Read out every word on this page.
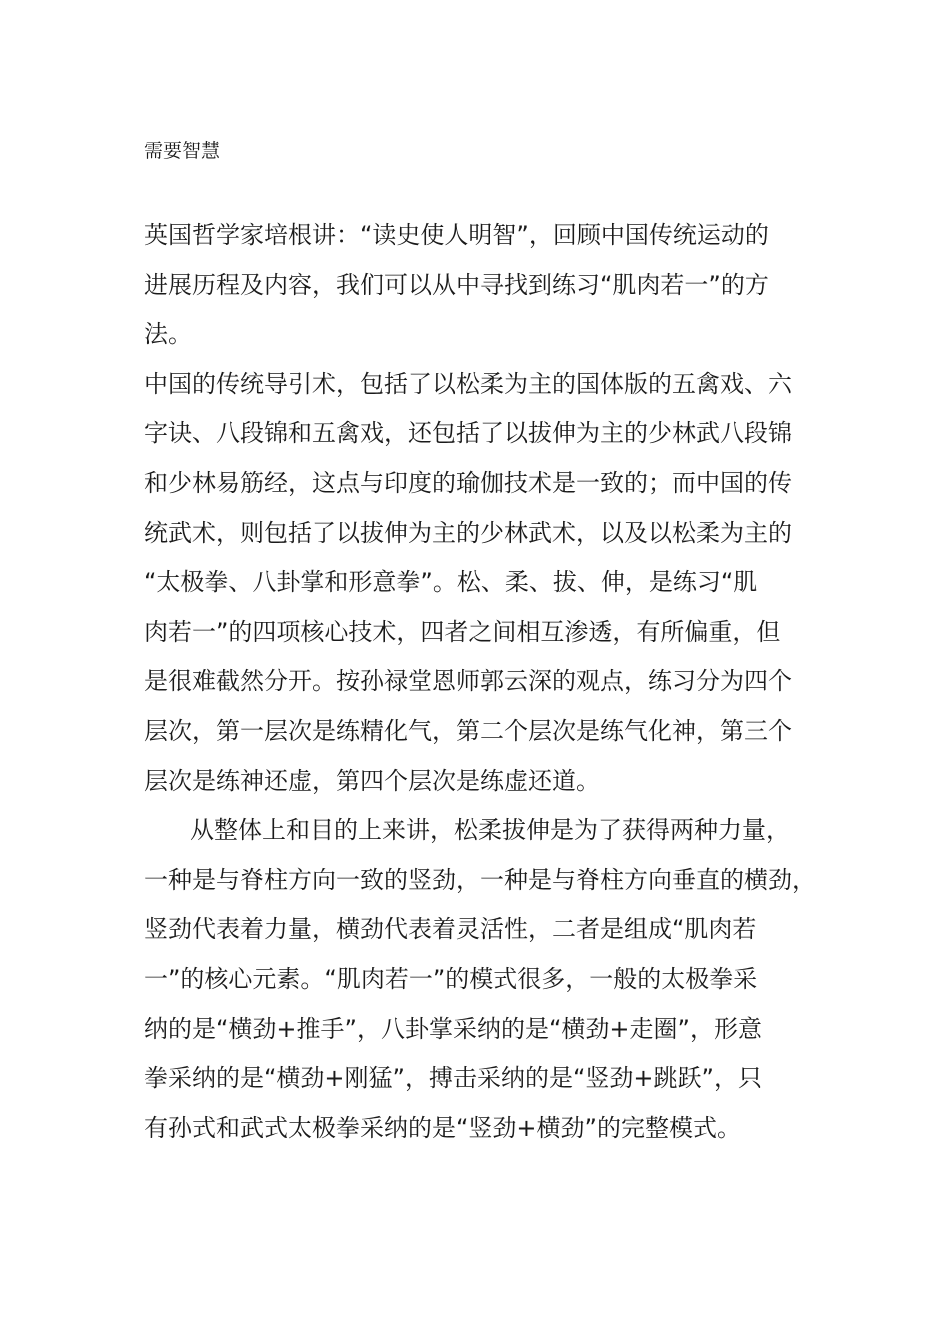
需要智慧
英国哲学家培根讲：“读史使人明智”，回顾中国传统运动的
进展历程及内容，我们可以从中寻找到练习“肌肉若一”的方
法。
中国的传统导引术，包括了以松柔为主的国体版的五禽戏、六
字诀、八段锦和五禽戏，还包括了以拔伸为主的少林武八段锦
和少林易筋经，这点与印度的瑜伽技术是一致的；而中国的传
统武术，则包括了以拔伸为主的少林武术，以及以松柔为主的
“太极拳、八卦掌和形意拳”。松、柔、拔、伸，是练习“肌
肉若一”的四项核心技术，四者之间相互渗透，有所偏重，但
是很难截然分开。按孙禄堂恩师郭云深的观点，练习分为四个
层次，第一层次是练精化气，第二个层次是练气化神，第三个
层次是练神还虚，第四个层次是练虚还道。
从整体上和目的上来讲，松柔拔伸是为了获得两种力量，
一种是与脊柱方向一致的竖劲，一种是与脊柱方向垂直的横劲，
竖劲代表着力量，横劲代表着灵活性，二者是组成“肌肉若
一”的核心元素。“肌肉若一”的模式很多，一般的太极拳采
纳的是“横劲+推手”，八卦掌采纳的是“横劲+走圈”，形意
拳采纳的是“横劲+刚猛”，搏击采纳的是“竖劲+跳跃”，只
有孙式和武式太极拳采纳的是“竖劲+横劲”的完整模式。
